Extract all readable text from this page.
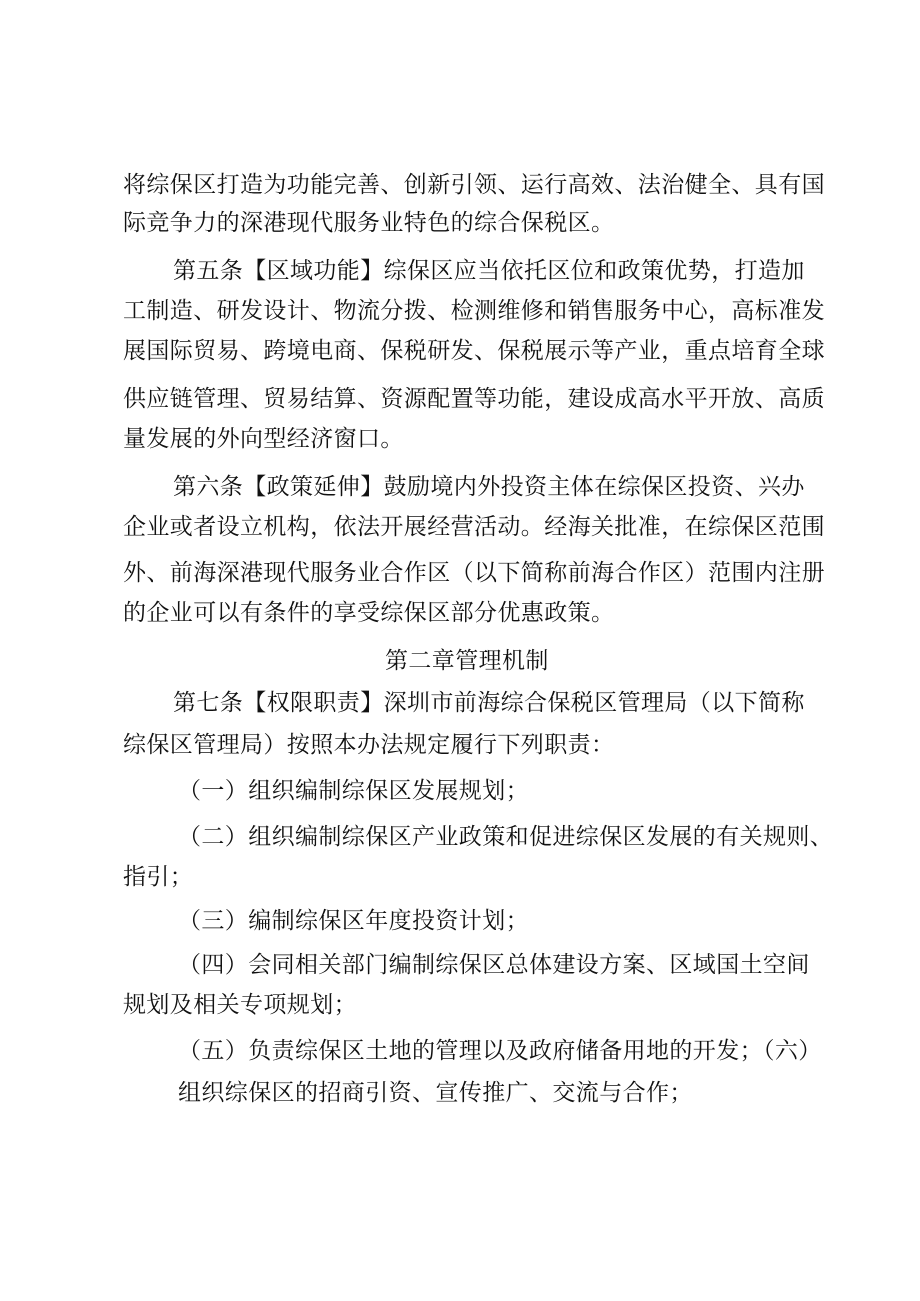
将综保区打造为功能完善、创新引领、运行高效、法治健全、具有国
际竞争力的深港现代服务业特色的综合保税区。
第五条【区域功能】综保区应当依托区位和政策优势，打造加
工制造、研发设计、物流分拨、检测维修和销售服务中心，高标准发
展国际贸易、跨境电商、保税研发、保税展示等产业，重点培育全球
供应链管理、贸易结算、资源配置等功能，建设成高水平开放、高质
量发展的外向型经济窗口。
第六条【政策延伸】鼓励境内外投资主体在综保区投资、兴办
企业或者设立机构，依法开展经营活动。经海关批准，在综保区范围
外、前海深港现代服务业合作区（以下简称前海合作区）范围内注册
的企业可以有条件的享受综保区部分优惠政策。
第二章管理机制
第七条【权限职责】深圳市前海综合保税区管理局（以下简称
综保区管理局）按照本办法规定履行下列职责：
（一）组织编制综保区发展规划；
（二）组织编制综保区产业政策和促进综保区发展的有关规则、
指引；
（三）编制综保区年度投资计划；
（四）会同相关部门编制综保区总体建设方案、区域国土空间
规划及相关专项规划；
（五）负责综保区土地的管理以及政府储备用地的开发；（六）
组织综保区的招商引资、宣传推广、交流与合作；
